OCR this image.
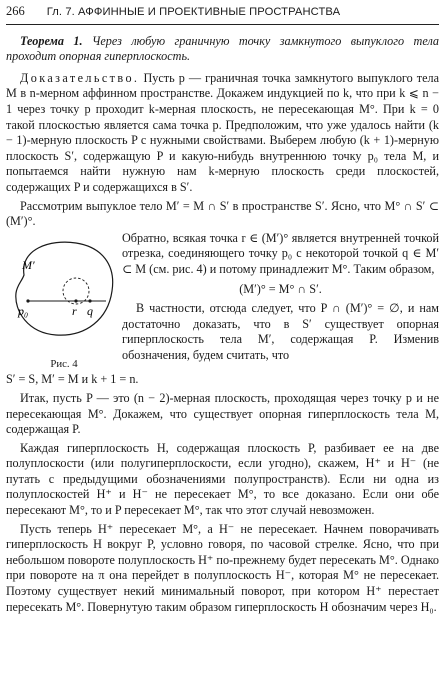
266 Гл. 7. АФФИННЫЕ И ПРОЕКТИВНЫЕ ПРОСТРАНСТВА

Теорема 1. Через любую граничную точку замкнутого выпуклого тела проходит опорная гиперплоскость.

Доказательство. Пусть p — граничная точка замкнутого выпуклого тела M в n-мерном аффинном пространстве. Докажем индукцией по k, что при k ⩽ n − 1 через точку p проходит k-мерная плоскость, не пересекающая M°. При k = 0 такой плоскостью является сама точка p. Предположим, что уже удалось найти (k − 1)-мерную плоскость P с нужными свойствами. Выберем любую (k + 1)-мерную плоскость S′, содержащую P и какую-нибудь внутреннюю точку p₀ тела M, и попытаемся найти нужную нам k-мерную плоскость среди плоскостей, содержащих P и содержащихся в S′.

Рассмотрим выпуклое тело M′ = M ∩ S′ в пространстве S′. Ясно, что M° ∩ S′ ⊂ (M′)°.

M′
p₀	r q
Рис. 4

Обратно, всякая точка r ∈ (M′)° является внутренней точкой отрезка, соединяющего точку p₀ с некоторой точкой q ∈ M′ ⊂ M (см. рис. 4) и потому принадлежит M°. Таким образом,

(M′)° = M° ∩ S′.

В частности, отсюда следует, что P ∩ (M′)° = ∅, и нам достаточно доказать, что в S′ существует опорная гиперплоскость тела M′, содержащая P. Изменив обозначения, будем считать, что

S′ = S, M′ = M и k + 1 = n.

Итак, пусть P — это (n − 2)-мерная плоскость, проходящая через точку p и не пересекающая M°. Докажем, что существует опорная гиперплоскость тела M, содержащая P.

Каждая гиперплоскость H, содержащая плоскость P, разбивает ее на две полуплоскости (или полугиперплоскости, если угодно), скажем, H⁺ и H⁻ (не путать с предыдущими обозначениями полупространств). Если ни одна из полуплоскостей H⁺ и H⁻ не пересекает M°, то все доказано. Если они обе пересекают M°, то и P пересекает M°, так что этот случай невозможен.

Пусть теперь H⁺ пересекает M°, а H⁻ не пересекает. Начнем поворачивать гиперплоскость H вокруг P, условно говоря, по часовой стрелке. Ясно, что при небольшом повороте полуплоскость H⁺ по-прежнему будет пересекать M°. Однако при повороте на π она перейдет в полуплоскость H⁻, которая M° не пересекает. Поэтому существует некий минимальный поворот, при котором H⁺ перестает пересекать M°. Повернутую таким образом гиперплоскость H обозначим через H₀.
